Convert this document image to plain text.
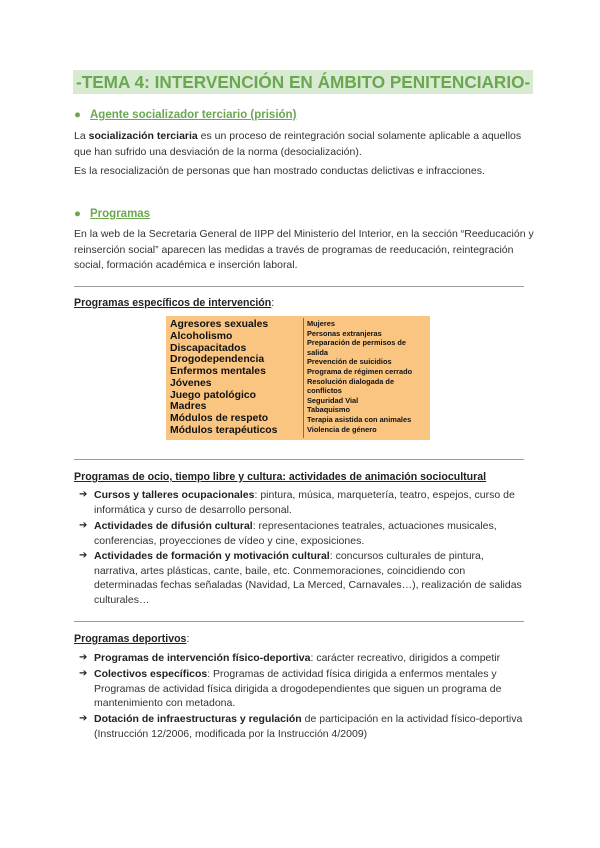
-TEMA 4: INTERVENCIÓN EN ÁMBITO PENITENCIARIO-
● Agente socializador terciario (prisión)
La socialización terciaria es un proceso de reintegración social solamente aplicable a aquellos que han sufrido una desviación de la norma (desocialización).
Es la resocialización de personas que han mostrado conductas delictivas e infracciones.
● Programas
En la web de la Secretaria General de IIPP del Ministerio del Interior, en la sección “Reeducación y reinserción social” aparecen las medidas a través de programas de reeducación, reintegración social, formación académica e inserción laboral.
Programas específicos de intervención:
Agresores sexuales
Alcoholismo
Discapacitados
Drogodependencia
Enfermos mentales
Jóvenes
Juego patológico
Madres
Módulos de respeto
Módulos terapéuticos
Mujeres
Personas extranjeras
Preparación de permisos de salida
Prevención de suicidios
Programa de régimen cerrado
Resolución dialogada de conflictos
Seguridad Vial
Tabaquismo
Terapia asistida con animales
Violencia de género
Programas de ocio, tiempo libre y cultura: actividades de animación sociocultural
➔ Cursos y talleres ocupacionales: pintura, música, marquetería, teatro, espejos, curso de informática y curso de desarrollo personal.
➔ Actividades de difusión cultural: representaciones teatrales, actuaciones musicales, conferencias, proyecciones de vídeo y cine, exposiciones.
➔ Actividades de formación y motivación cultural: concursos culturales de pintura, narrativa, artes plásticas, cante, baile, etc. Conmemoraciones, coincidiendo con determinadas fechas señaladas (Navidad, La Merced, Carnavales…), realización de salidas culturales…
Programas deportivos:
➔ Programas de intervención físico-deportiva: carácter recreativo, dirigidos a competir
➔ Colectivos específicos: Programas de actividad física dirigida a enfermos mentales y Programas de actividad física dirigida a drogodependientes que siguen un programa de mantenimiento con metadona.
➔ Dotación de infraestructuras y regulación de participación en la actividad físico-deportiva (Instrucción 12/2006, modificada por la Instrucción 4/2009)
